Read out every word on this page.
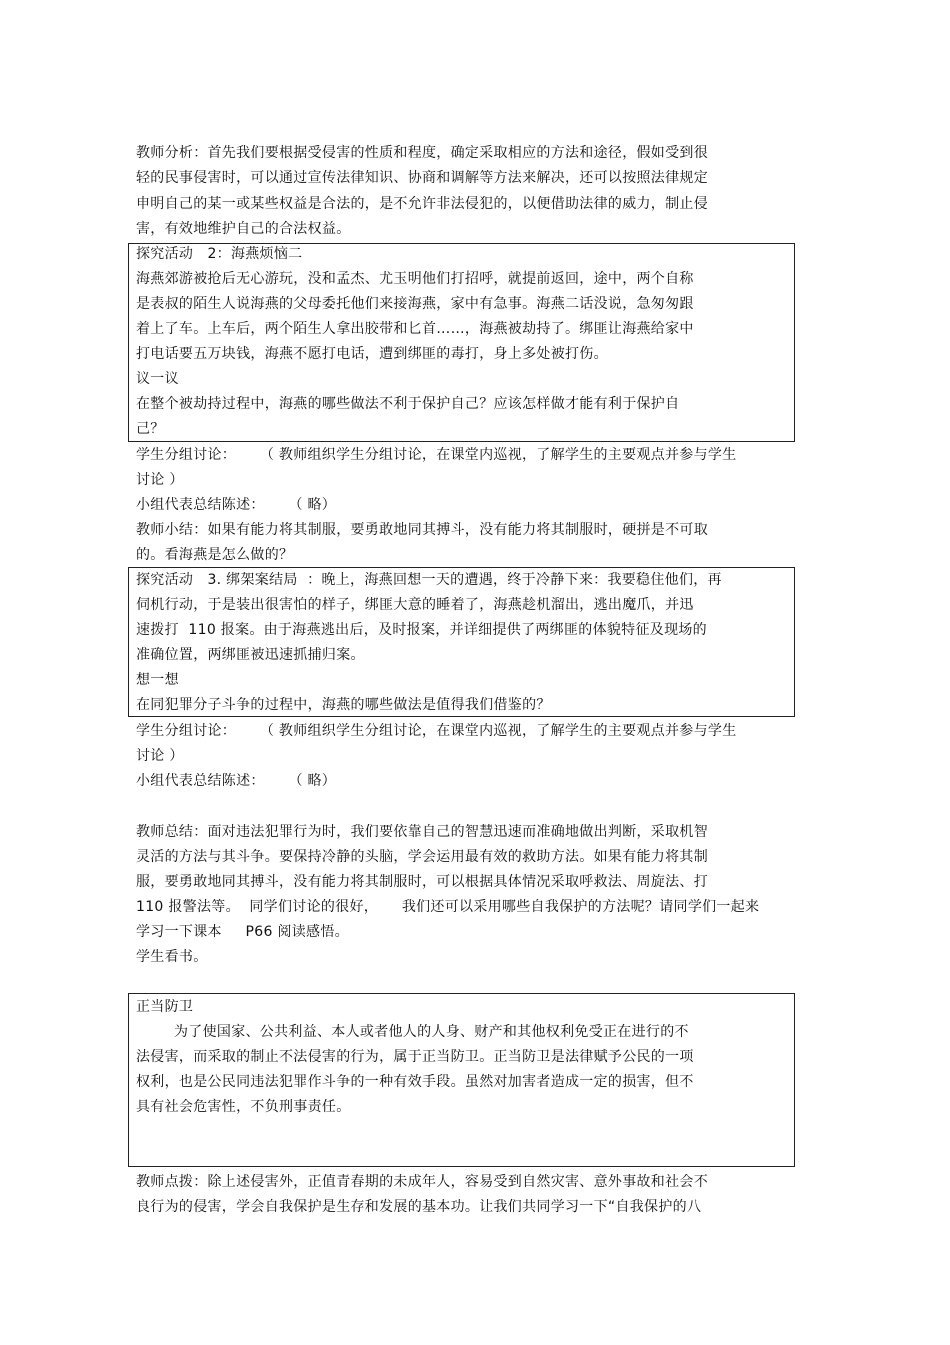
教师分析：首先我们要根据受侵害的性质和程度，确定采取相应的方法和途径，假如受到很
轻的民事侵害时，可以通过宣传法律知识、协商和调解等方法来解决，还可以按照法律规定
申明自己的某一或某些权益是合法的，是不允许非法侵犯的，以便借助法律的威力，制止侵
害，有效地维护自己的合法权益。
探究活动   2：海燕烦恼二
海燕郊游被抢后无心游玩，没和孟杰、尤玉明他们打招呼，就提前返回，途中，两个自称
是表叔的陌生人说海燕的父母委托他们来接海燕，家中有急事。海燕二话没说，急匆匆跟
着上了车。上车后，两个陌生人拿出胶带和匕首……，海燕被劫持了。绑匪让海燕给家中
打电话要五万块钱，海燕不愿打电话，遭到绑匪的毒打，身上多处被打伤。
议一议
在整个被劫持过程中，海燕的哪些做法不利于保护自己？应该怎样做才能有利于保护自
己？
学生分组讨论：     （ 教师组织学生分组讨论，在课堂内巡视，了解学生的主要观点并参与学生
讨论 ）
小组代表总结陈述：     （ 略）
教师小结：如果有能力将其制服，要勇敢地同其搏斗，没有能力将其制服时，硬拼是不可取
的。看海燕是怎么做的？
探究活动   3. 绑架案结局  ：晚上，海燕回想一天的遭遇，终于冷静下来：我要稳住他们，再
伺机行动，于是装出很害怕的样子，绑匪大意的睡着了，海燕趁机溜出，逃出魔爪，并迅
速拨打  110 报案。由于海燕逃出后，及时报案，并详细提供了两绑匪的体貌特征及现场的
准确位置，两绑匪被迅速抓捕归案。
想一想
在同犯罪分子斗争的过程中，海燕的哪些做法是值得我们借鉴的？
学生分组讨论：     （ 教师组织学生分组讨论，在课堂内巡视，了解学生的主要观点并参与学生
讨论 ）
小组代表总结陈述：     （ 略）
教师总结：面对违法犯罪行为时，我们要依靠自己的智慧迅速而准确地做出判断，采取机智
灵活的方法与其斗争。要保持冷静的头脑，学会运用最有效的救助方法。如果有能力将其制
服，要勇敢地同其搏斗，没有能力将其制服时，可以根据具体情况采取呼救法、周旋法、打
110 报警法等。  同学们讨论的很好，     我们还可以采用哪些自我保护的方法呢？请同学们一起来
学习一下课本     P66 阅读感悟。
学生看书。
正当防卫
为了使国家、公共利益、本人或者他人的人身、财产和其他权利免受正在进行的不
法侵害，而采取的制止不法侵害的行为，属于正当防卫。正当防卫是法律赋予公民的一项
权利，也是公民同违法犯罪作斗争的一种有效手段。虽然对加害者造成一定的损害，但不
具有社会危害性，不负刑事责任。
教师点拨：除上述侵害外，正值青春期的未成年人，容易受到自然灾害、意外事故和社会不
良行为的侵害，学会自我保护是生存和发展的基本功。让我们共同学习一下“自我保护的八
